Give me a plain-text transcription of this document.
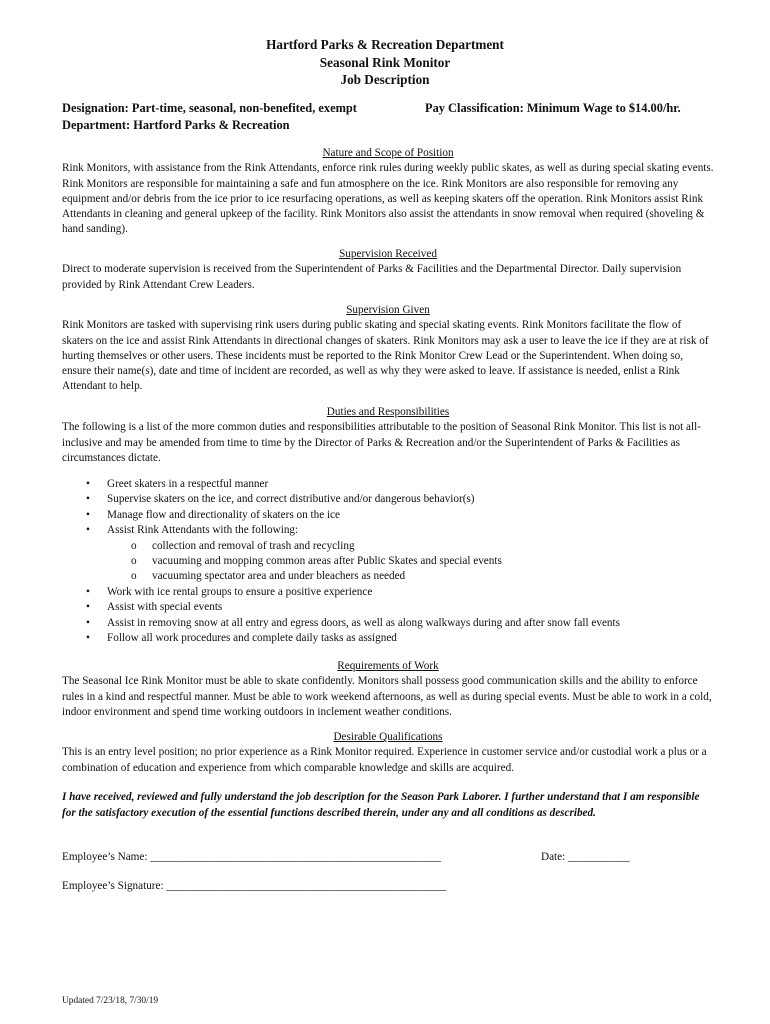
Hartford Parks & Recreation Department
Seasonal Rink Monitor
Job Description
Designation: Part-time, seasonal, non-benefited, exempt	Pay Classification: Minimum Wage to $14.00/hr.
Department: Hartford Parks & Recreation
Nature and Scope of Position
Rink Monitors, with assistance from the Rink Attendants, enforce rink rules during weekly public skates, as well as during special skating events. Rink Monitors are responsible for maintaining a safe and fun atmosphere on the ice. Rink Monitors are also responsible for removing any equipment and/or debris from the ice prior to ice resurfacing operations, as well as keeping skaters off the operation. Rink Monitors assist Rink Attendants in cleaning and general upkeep of the facility. Rink Monitors also assist the attendants in snow removal when required (shoveling & hand sanding).
Supervision Received
Direct to moderate supervision is received from the Superintendent of Parks & Facilities and the Departmental Director. Daily supervision provided by Rink Attendant Crew Leaders.
Supervision Given
Rink Monitors are tasked with supervising rink users during public skating and special skating events. Rink Monitors facilitate the flow of skaters on the ice and assist Rink Attendants in directional changes of skaters. Rink Monitors may ask a user to leave the ice if they are at risk of hurting themselves or other users. These incidents must be reported to the Rink Monitor Crew Lead or the Superintendent. When doing so, ensure their name(s), date and time of incident are recorded, as well as why they were asked to leave. If assistance is needed, enlist a Rink Attendant to help.
Duties and Responsibilities
The following is a list of the more common duties and responsibilities attributable to the position of Seasonal Rink Monitor. This list is not all-inclusive and may be amended from time to time by the Director of Parks & Recreation and/or the Superintendent of Parks & Facilities as circumstances dictate.
• Greet skaters in a respectful manner
• Supervise skaters on the ice, and correct distributive and/or dangerous behavior(s)
• Manage flow and directionality of skaters on the ice
• Assist Rink Attendants with the following:
o collection and removal of trash and recycling
o vacuuming and mopping common areas after Public Skates and special events
o vacuuming spectator area and under bleachers as needed
• Work with ice rental groups to ensure a positive experience
• Assist with special events
• Assist in removing snow at all entry and egress doors, as well as along walkways during and after snow fall events
• Follow all work procedures and complete daily tasks as assigned
Requirements of Work
The Seasonal Ice Rink Monitor must be able to skate confidently. Monitors shall possess good communication skills and the ability to enforce rules in a kind and respectful manner. Must be able to work weekend afternoons, as well as during special events. Must be able to work in a cold, indoor environment and spend time working outdoors in inclement weather conditions.
Desirable Qualifications
This is an entry level position; no prior experience as a Rink Monitor required. Experience in customer service and/or custodial work a plus or a combination of education and experience from which comparable knowledge and skills are acquired.
I have received, reviewed and fully understand the job description for the Season Park Laborer. I further understand that I am responsible for the satisfactory execution of the essential functions described therein, under any and all conditions as described.
Employee’s Name: ____________________________________________________	Date: ___________
Employee’s Signature: __________________________________________________
Updated 7/23/18, 7/30/19
